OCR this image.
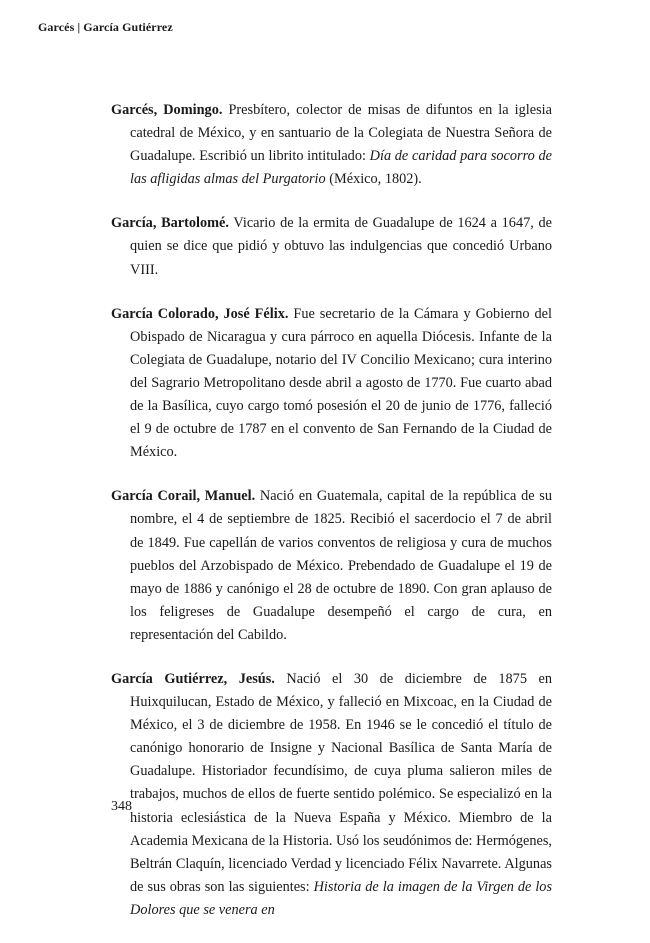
Garcés | García Gutiérrez

Garcés, Domingo. Presbítero, colector de misas de difuntos en la iglesia catedral de México, y en santuario de la Colegiata de Nuestra Señora de Guadalupe. Escribió un librito intitulado: Día de caridad para socorro de las afligidas almas del Purgatorio (México, 1802).

García, Bartolomé. Vicario de la ermita de Guadalupe de 1624 a 1647, de quien se dice que pidió y obtuvo las indulgencias que concedió Urbano VIII.

García Colorado, José Félix. Fue secretario de la Cámara y Gobierno del Obispado de Nicaragua y cura párroco en aquella Diócesis. Infante de la Colegiata de Guadalupe, notario del IV Concilio Mexicano; cura interino del Sagrario Metropolitano desde abril a agosto de 1770. Fue cuarto abad de la Basílica, cuyo cargo tomó posesión el 20 de junio de 1776, falleció el 9 de octubre de 1787 en el convento de San Fernando de la Ciudad de México.

García Corail, Manuel. Nació en Guatemala, capital de la república de su nombre, el 4 de septiembre de 1825. Recibió el sacerdocio el 7 de abril de 1849. Fue capellán de varios conventos de religiosa y cura de muchos pueblos del Arzobispado de México. Prebendado de Guadalupe el 19 de mayo de 1886 y canónigo el 28 de octubre de 1890. Con gran aplauso de los feligreses de Guadalupe desempeñó el cargo de cura, en representación del Cabildo.

García Gutiérrez, Jesús. Nació el 30 de diciembre de 1875 en Huixquilucan, Estado de México, y falleció en Mixcoac, en la Ciudad de México, el 3 de diciembre de 1958. En 1946 se le concedió el título de canónigo honorario de Insigne y Nacional Basílica de Santa María de Guadalupe. Historiador fecundísimo, de cuya pluma salieron miles de trabajos, muchos de ellos de fuerte sentido polémico. Se especializó en la historia eclesiástica de la Nueva España y México. Miembro de la Academia Mexicana de la Historia. Usó los seudónimos de: Hermógenes, Beltrán Claquín, licenciado Verdad y licenciado Félix Navarrete. Algunas de sus obras son las siguientes: Historia de la imagen de la Virgen de los Dolores que se venera en

348
